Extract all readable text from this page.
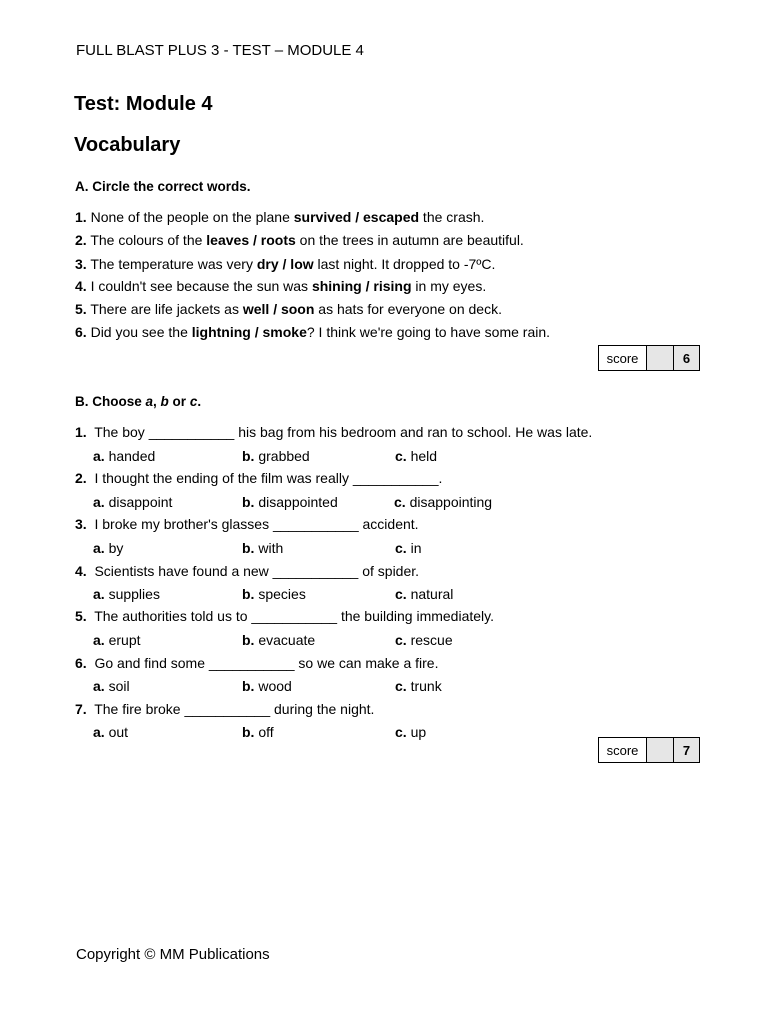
FULL BLAST PLUS 3 - TEST – MODULE 4
Test: Module 4
Vocabulary
A. Circle the correct words.
1. None of the people on the plane survived / escaped the crash.
2. The colours of the leaves / roots on the trees in autumn are beautiful.
3. The temperature was very dry / low last night. It dropped to -7ºC.
4. I couldn't see because the sun was shining / rising in my eyes.
5. There are life jackets as well / soon as hats for everyone on deck.
6. Did you see the lightning / smoke? I think we're going to have some rain.
score	6
B. Choose a, b or c.
1.  The boy ___________ his bag from his bedroom and ran to school. He was late.
a. handed	b. grabbed	c. held
2.  I thought the ending of the film was really ___________.
a. disappoint	b. disappointed	c. disappointing
3.  I broke my brother's glasses ___________ accident.
a. by	b. with	c. in
4.  Scientists have found a new ___________ of spider.
a. supplies	b. species	c. natural
5.  The authorities told us to ___________ the building immediately.
a. erupt	b. evacuate	c. rescue
6.  Go and find some ___________ so we can make a fire.
a. soil	b. wood	c. trunk
7.  The fire broke ___________ during the night.
a. out	b. off	c. up
score	7
Copyright © MM Publications
